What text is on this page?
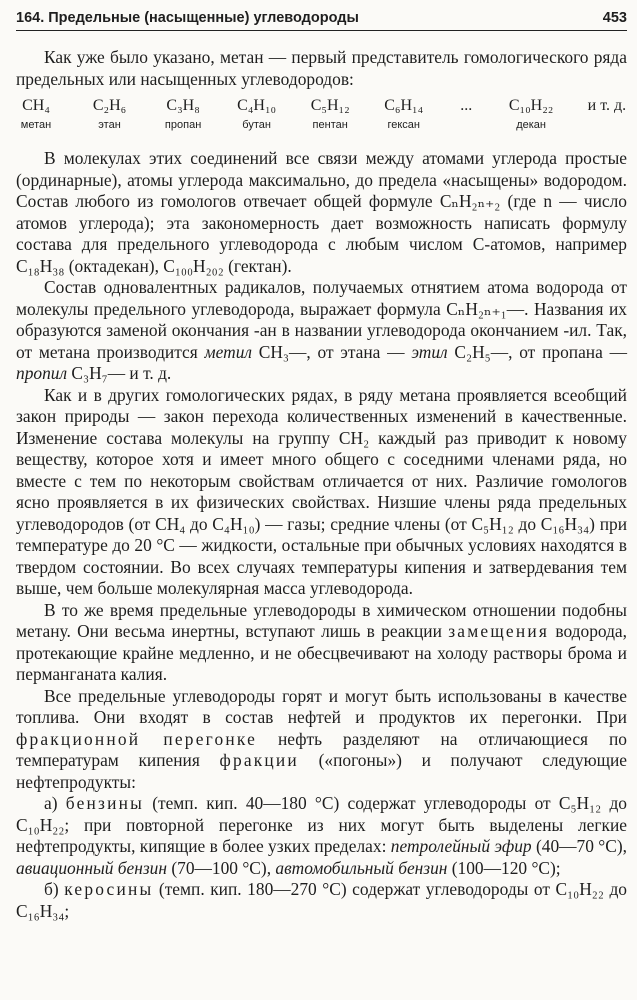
164. Предельные (насыщенные) углеводороды	453

Как уже было указано, метан — первый представитель гомологического ряда предельных или насыщенных углеводородов:

CH₄
метан
C₂H₆
этан
C₃H₈
пропан
C₄H₁₀
бутан
C₅H₁₂
пентан
C₆H₁₄
гексан
... C₁₀H₂₂
декан
и т. д.

В молекулах этих соединений все связи между атомами углерода простые (ординарные), атомы углерода максимально, до предела «насыщены» водородом. Состав любого из гомологов отвечает общей формуле CₙH₂ₙ₊₂ (где n — число атомов углерода); эта закономерность дает возможность написать формулу состава для предельного углеводорода с любым числом C-атомов, например C₁₈H₃₈ (октадекан), C₁₀₀H₂₀₂ (гектан).

Состав одновалентных радикалов, получаемых отнятием атома водорода от молекулы предельного углеводорода, выражает формула CₙH₂ₙ₊₁—. Названия их образуются заменой окончания -ан в названии углеводорода окончанием -ил. Так, от метана производится метил CH₃—, от этана — этил C₂H₅—, от пропана — пропил C₃H₇— и т. д.

Как и в других гомологических рядах, в ряду метана проявляется всеобщий закон природы — закон перехода количественных изменений в качественные. Изменение состава молекулы на группу CH₂ каждый раз приводит к новому веществу, которое хотя и имеет много общего с соседними членами ряда, но вместе с тем по некоторым свойствам отличается от них. Различие гомологов ясно проявляется в их физических свойствах. Низшие члены ряда предельных углеводородов (от CH₄ до C₄H₁₀) — газы; средние члены (от C₅H₁₂ до C₁₆H₃₄) при температуре до 20 °C — жидкости, остальные при обычных условиях находятся в твердом состоянии. Во всех случаях температуры кипения и затвердевания тем выше, чем больше молекулярная масса углеводорода.

В то же время предельные углеводороды в химическом отношении подобны метану. Они весьма инертны, вступают лишь в реакции замещения водорода, протекающие крайне медленно, и не обесцвечивают на холоду растворы брома и перманганата калия.

Все предельные углеводороды горят и могут быть использованы в качестве топлива. Они входят в состав нефтей и продуктов их перегонки. При фракционной перегонке нефть разделяют на отличающиеся по температурам кипения фракции («погоны») и получают следующие нефтепродукты:

а) бензины (темп. кип. 40—180 °C) содержат углеводороды от C₅H₁₂ до C₁₀H₂₂; при повторной перегонке из них могут быть выделены легкие нефтепродукты, кипящие в более узких пределах: петролейный эфир (40—70 °C), авиационный бензин (70—100 °C), автомобильный бензин (100—120 °C);

б) керосины (темп. кип. 180—270 °C) содержат углеводороды от C₁₀H₂₂ до C₁₆H₃₄;
